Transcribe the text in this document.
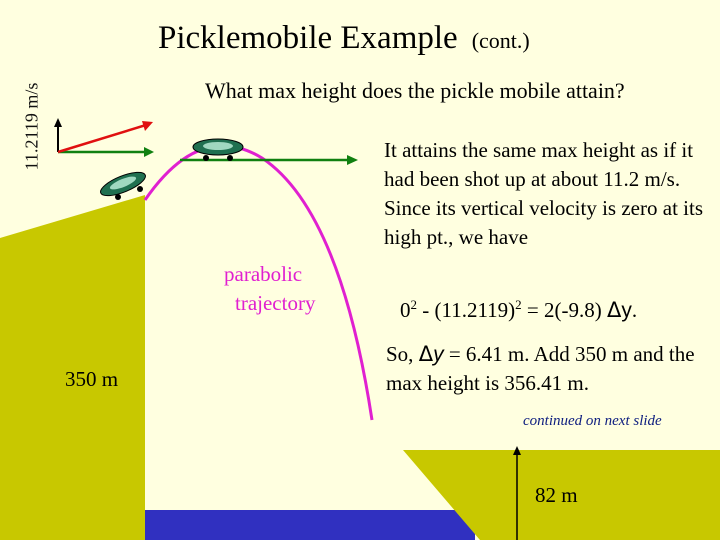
Picklemobile Example (cont.)
11.2119 m/s	What max height does the pickle mobile attain?
It attains the same max height as if it had been shot up at about 11.2 m/s. Since its vertical velocity is zero at its high pt., we have
$0^2 - (11.2119)^2 = 2(-9.8)$ Δy.
So, Δy = 6.41 m. Add 350 m and the max height is 356.41 m.
parabolic
trajectory
350 m
continued on next slide
82 m
